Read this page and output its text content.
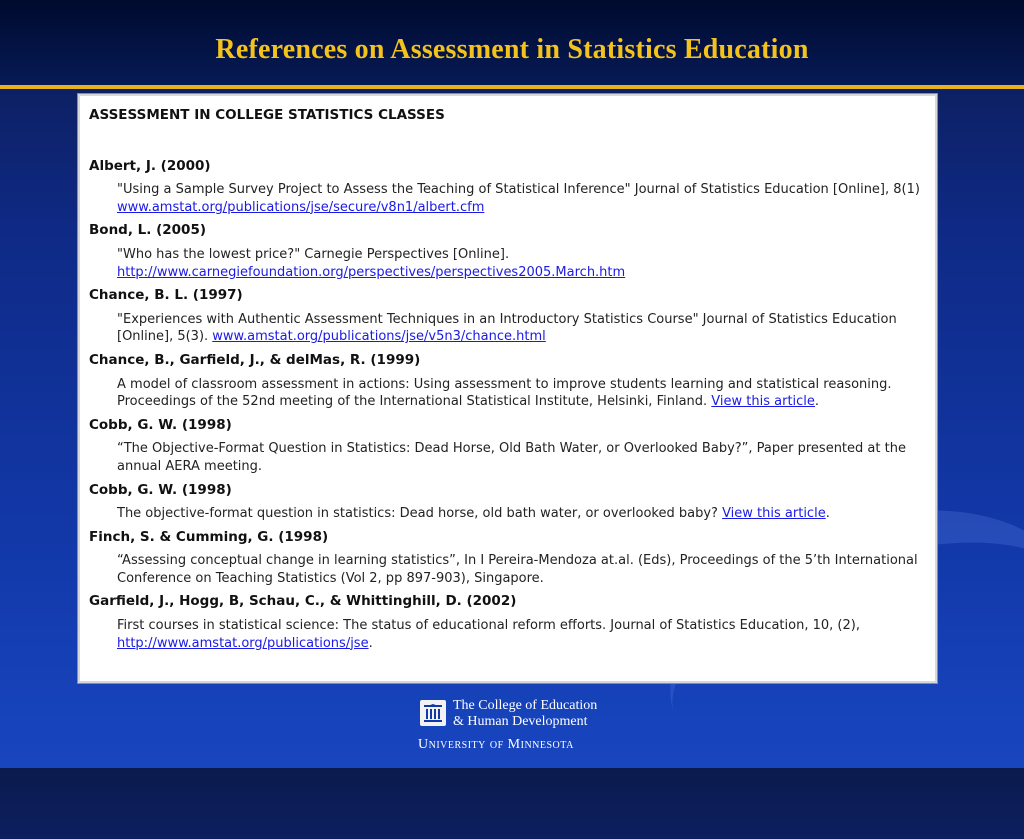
References on Assessment in Statistics Education
ASSESSMENT IN COLLEGE STATISTICS CLASSES
Albert, J. (2000)
"Using a Sample Survey Project to Assess the Teaching of Statistical Inference" Journal of Statistics Education [Online], 8(1) www.amstat.org/publications/jse/secure/v8n1/albert.cfm
Bond, L. (2005)
"Who has the lowest price?" Carnegie Perspectives [Online]. http://www.carnegiefoundation.org/perspectives/perspectives2005.March.htm
Chance, B. L. (1997)
"Experiences with Authentic Assessment Techniques in an Introductory Statistics Course" Journal of Statistics Education [Online], 5(3). www.amstat.org/publications/jse/v5n3/chance.html
Chance, B., Garfield, J., & delMas, R. (1999)
A model of classroom assessment in actions: Using assessment to improve students learning and statistical reasoning. Proceedings of the 52nd meeting of the International Statistical Institute, Helsinki, Finland. View this article.
Cobb, G. W. (1998)
“The Objective-Format Question in Statistics: Dead Horse, Old Bath Water, or Overlooked Baby?”, Paper presented at the annual AERA meeting.
Cobb, G. W. (1998)
The objective-format question in statistics: Dead horse, old bath water, or overlooked baby? View this article.
Finch, S. & Cumming, G. (1998)
“Assessing conceptual change in learning statistics”, In I Pereira-Mendoza at.al. (Eds), Proceedings of the 5’th International Conference on Teaching Statistics (Vol 2, pp 897-903), Singapore.
Garfield, J., Hogg, B, Schau, C., & Whittinghill, D. (2002)
First courses in statistical science: The status of educational reform efforts. Journal of Statistics Education, 10, (2), http://www.amstat.org/publications/jse.
The College of Education
& Human Development
University of Minnesota
